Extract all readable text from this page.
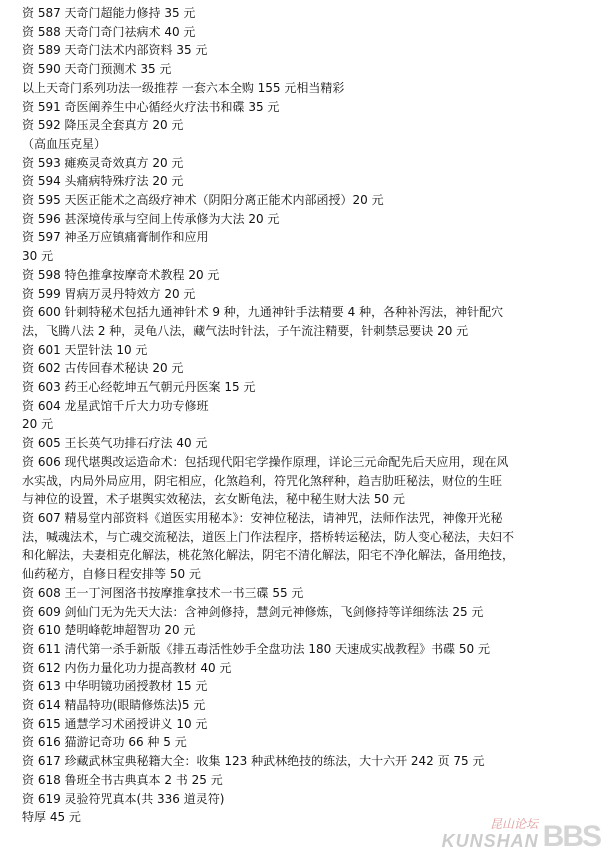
资 587 天奇门超能力修持 35 元
资 588 天奇门奇门祛病术 40 元
资 589 天奇门法术内部资料 35 元
资 590 天奇门预测术 35 元
以上天奇门系列功法一级推荐 一套六本全购 155 元相当精彩
资 591 奇医阐养生中心循经火疗法书和碟 35 元
资 592 降压灵全套真方 20 元
（高血压克星）
资 593 瘫痪灵奇效真方 20 元
资 594 头痛病特殊疗法 20 元
资 595 天医正能术之高级疗神术（阴阳分离正能术内部函授）20 元
资 596 甚深境传承与空间上传承修为大法 20 元
资 597 神圣万应镇痛膏制作和应用
30 元
资 598 特色推拿按摩奇术教程 20 元
资 599 胃病万灵丹特效方 20 元
资 600 针刺特秘术包括九通神针术 9 种，九通神针手法精要 4 种，各种补泻法，神针配穴
法，飞腾八法 2 种，灵龟八法，藏气法时针法，子午流注精要，针刺禁忌要诀 20 元
资 601 天罡针法 10 元
资 602 古传回春术秘诀 20 元
资 603 药王心经乾坤五气朝元丹医案 15 元
资 604 龙星武馆千斤大力功专修班
20 元
资 605 王长英气功排石疗法 40 元
资 606 现代堪舆改运造命术：包括现代阳宅学操作原理，详论三元命配先后天应用，现在风
水实战，内局外局应用，阴宅相应，化煞趋利，符咒化煞秤种，趋吉肋旺秘法，财位的生旺
与神位的设置，术子堪舆实效秘法，玄女断龟法，秘中秘生财大法 50 元
资 607 精易堂内部资料《道医实用秘本》：安神位秘法，请神咒，法师作法咒，神像开光秘
法，喊魂法术，与亡魂交流秘法，道医上门作法程序，搭桥转运秘法，防人变心秘法，夫妇不
和化解法，夫妻相克化解法，桃花煞化解法，阴宅不清化解法，阳宅不净化解法，备用绝技，
仙药秘方，自修日程安排等 50 元
资 608 王一丁河图洛书按摩推拿技术一书三碟 55 元
资 609 剑仙门无为先天大法：含神剑修持，慧剑元神修炼，飞剑修持等详细练法 25 元
资 610 楚明峰乾坤超智功 20 元
资 611 清代第一杀手新版《排五毒活性妙手全盘功法 180 天速成实战教程》书碟 50 元
资 612 内伤力量化功力提高教材 40 元
资 613 中华明镜功函授教材 15 元
资 614 精晶特功(眼睛修炼法)5 元
资 615 通慧学习术函授讲义 10 元
资 616 猫游记奇功 66 种 5 元
资 617 珍藏武林宝典秘籍大全：收集 123 种武林绝技的练法，大十六开 242 页 75 元
资 618 鲁班全书古典真本 2 书 25 元
资 619 灵验符咒真本(共 336 道灵符)
特厚 45 元	昆山论坛
KUNSHAN BBS
